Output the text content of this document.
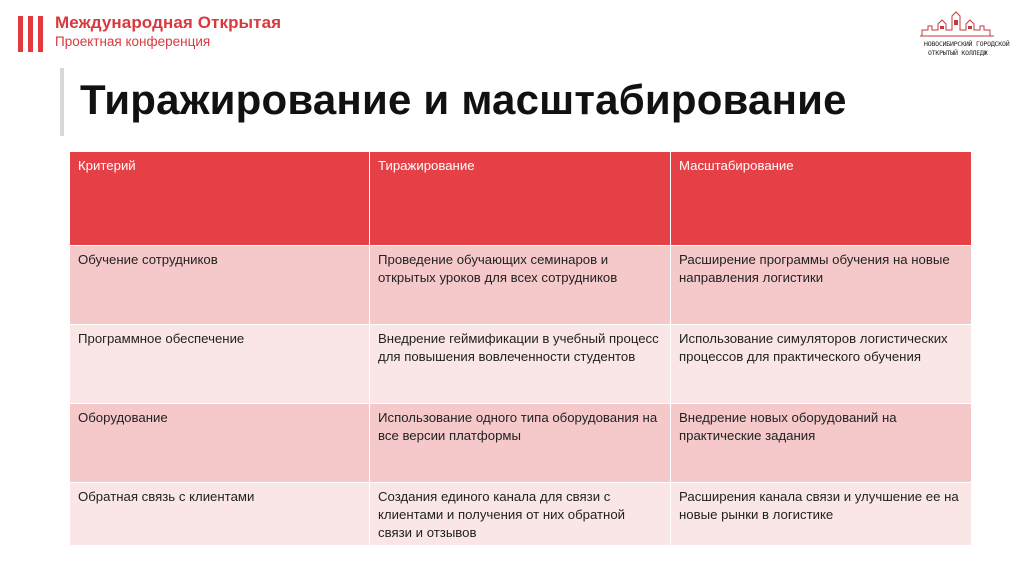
Международная Открытая
Проектная конференция	НОВОСИБИРСКИЙ ГОРОДСКОЙ
ОТКРЫТЫЙ КОЛЛЕДЖ
Тиражирование и масштабирование
Критерий	Тиражирование	Масштабирование
Обучение сотрудников	Проведение обучающих семинаров и открытых уроков для всех сотрудников	Расширение программы обучения на новые направления логистики
Программное обеспечение	Внедрение геймификации в учебный процесс для повышения вовлеченности студентов	Использование симуляторов логистических процессов для практического обучения
Оборудование	Использование одного типа оборудования на все версии платформы	Внедрение новых оборудований на практические задания
Обратная связь с клиентами	Создания единого канала для связи с клиентами и получения от них обратной связи и отзывов	Расширения канала связи и улучшение ее на новые рынки в логистике
